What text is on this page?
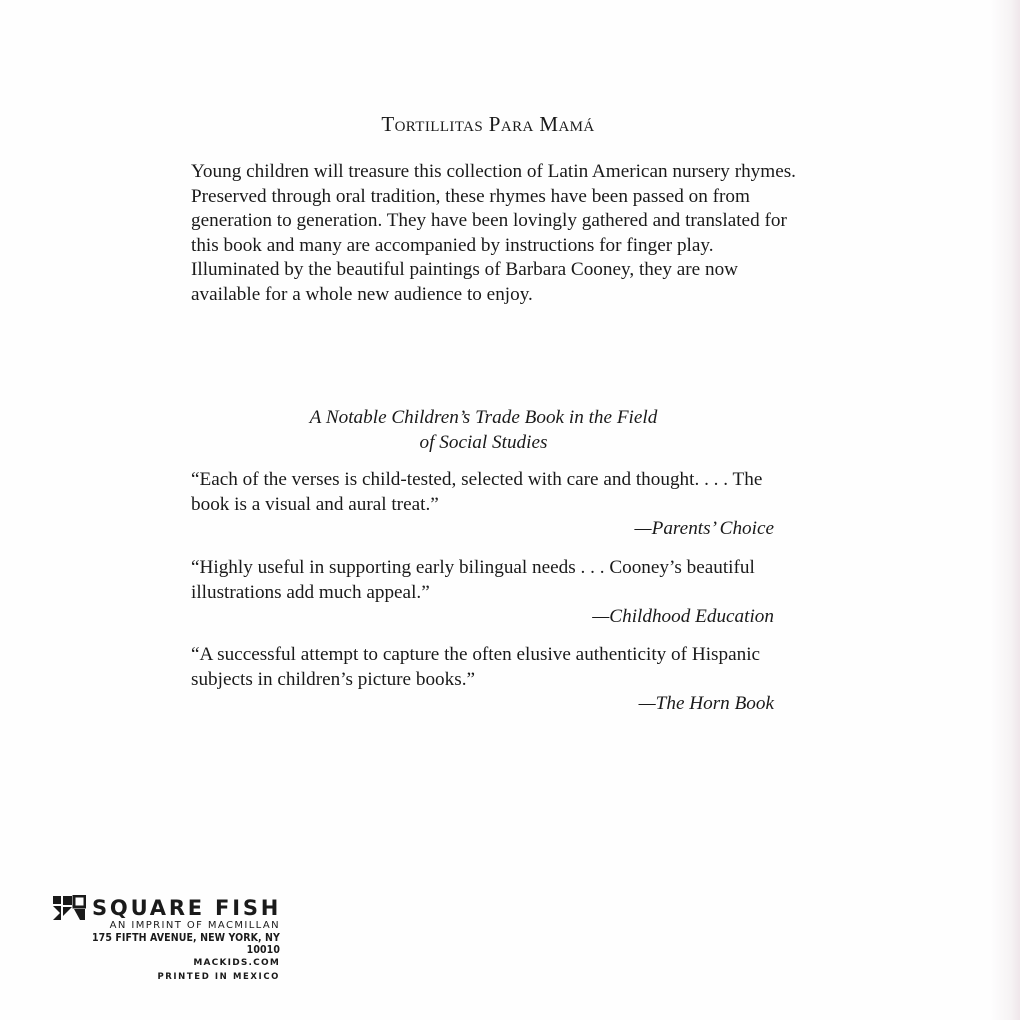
Tortillitas Para Mamá
Young children will treasure this collection of Latin American nursery rhymes. Preserved through oral tradition, these rhymes have been passed on from generation to generation. They have been lovingly gathered and translated for this book and many are accompanied by instructions for finger play. Illuminated by the beautiful paintings of Barbara Cooney, they are now available for a whole new audience to enjoy.
A Notable Children’s Trade Book in the Field
of Social Studies
“Each of the verses is child-tested, selected with care and thought. . . . The book is a visual and aural treat.”
—Parents’ Choice
“Highly useful in supporting early bilingual needs . . . Cooney’s beautiful illustrations add much appeal.”
—Childhood Education
“A successful attempt to capture the often elusive authenticity of Hispanic subjects in children’s picture books.”
—The Horn Book
SQUARE FISH
AN IMPRINT OF MACMILLAN
175 FIFTH AVENUE, NEW YORK, NY 10010
MACKIDS.COM
PRINTED IN MEXICO
